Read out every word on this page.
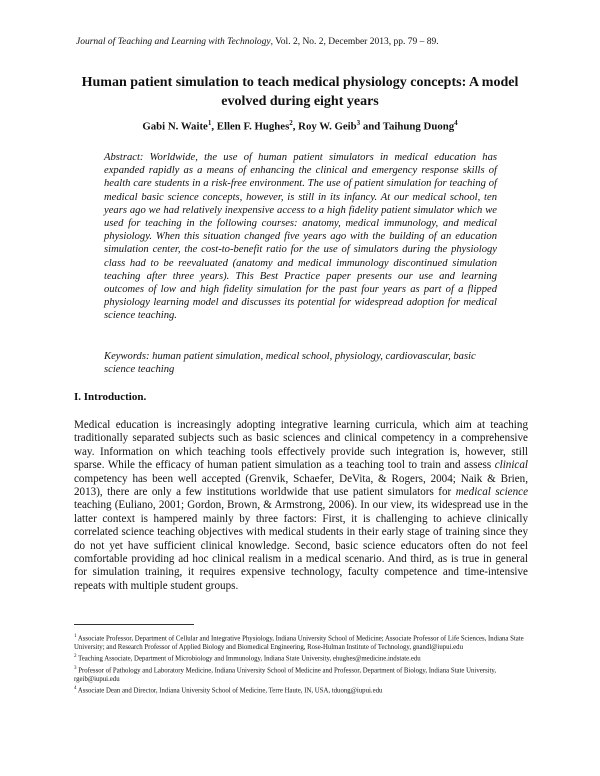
Journal of Teaching and Learning with Technology, Vol. 2, No. 2, December 2013, pp. 79 – 89.
Human patient simulation to teach medical physiology concepts: A model evolved during eight years
Gabi N. Waite$^1$, Ellen F. Hughes$^2$, Roy W. Geib$^3$ and Taihung Duong$^4$

Abstract: Worldwide, the use of human patient simulators in medical education has expanded rapidly as a means of enhancing the clinical and emergency response skills of health care students in a risk-free environment. The use of patient simulation for teaching of medical basic science concepts, however, is still in its infancy. At our medical school, ten years ago we had relatively inexpensive access to a high fidelity patient simulator which we used for teaching in the following courses: anatomy, medical immunology, and medical physiology. When this situation changed five years ago with the building of an education simulation center, the cost-to-benefit ratio for the use of simulators during the physiology class had to be reevaluated (anatomy and medical immunology discontinued simulation teaching after three years). This Best Practice paper presents our use and learning outcomes of low and high fidelity simulation for the past four years as part of a flipped physiology learning model and discusses its potential for widespread adoption for medical science teaching.

Keywords: human patient simulation, medical school, physiology, cardiovascular, basic science teaching

I. Introduction.

Medical education is increasingly adopting integrative learning curricula, which aim at teaching traditionally separated subjects such as basic sciences and clinical competency in a comprehensive way. Information on which teaching tools effectively provide such integration is, however, still sparse. While the efficacy of human patient simulation as a teaching tool to train and assess clinical competency has been well accepted (Grenvik, Schaefer, DeVita, & Rogers, 2004; Naik & Brien, 2013), there are only a few institutions worldwide that use patient simulators for medical science teaching (Euliano, 2001; Gordon, Brown, & Armstrong, 2006). In our view, its widespread use in the latter context is hampered mainly by three factors: First, it is challenging to achieve clinically correlated science teaching objectives with medical students in their early stage of training since they do not yet have sufficient clinical knowledge. Second, basic science educators often do not feel comfortable providing ad hoc clinical realism in a medical scenario. And third, as is true in general for simulation training, it requires expensive technology, faculty competence and time-intensive repeats with multiple student groups.

$^1$ Associate Professor, Department of Cellular and Integrative Physiology, Indiana University School of Medicine; Associate Professor of Life Sciences, Indiana State University; and Research Professor of Applied Biology and Biomedical Engineering, Rose-Hulman Institute of Technology, gnandl@iupui.edu

$^2$ Teaching Associate, Department of Microbiology and Immunology, Indiana State University, ehughes@medicine.indstate.edu

$^3$ Professor of Pathology and Laboratory Medicine, Indiana University School of Medicine and Professor, Department of Biology, Indiana State University, rgeib@iupui.edu

$^4$ Associate Dean and Director, Indiana University School of Medicine, Terre Haute, IN, USA, tduong@iupui.edu
